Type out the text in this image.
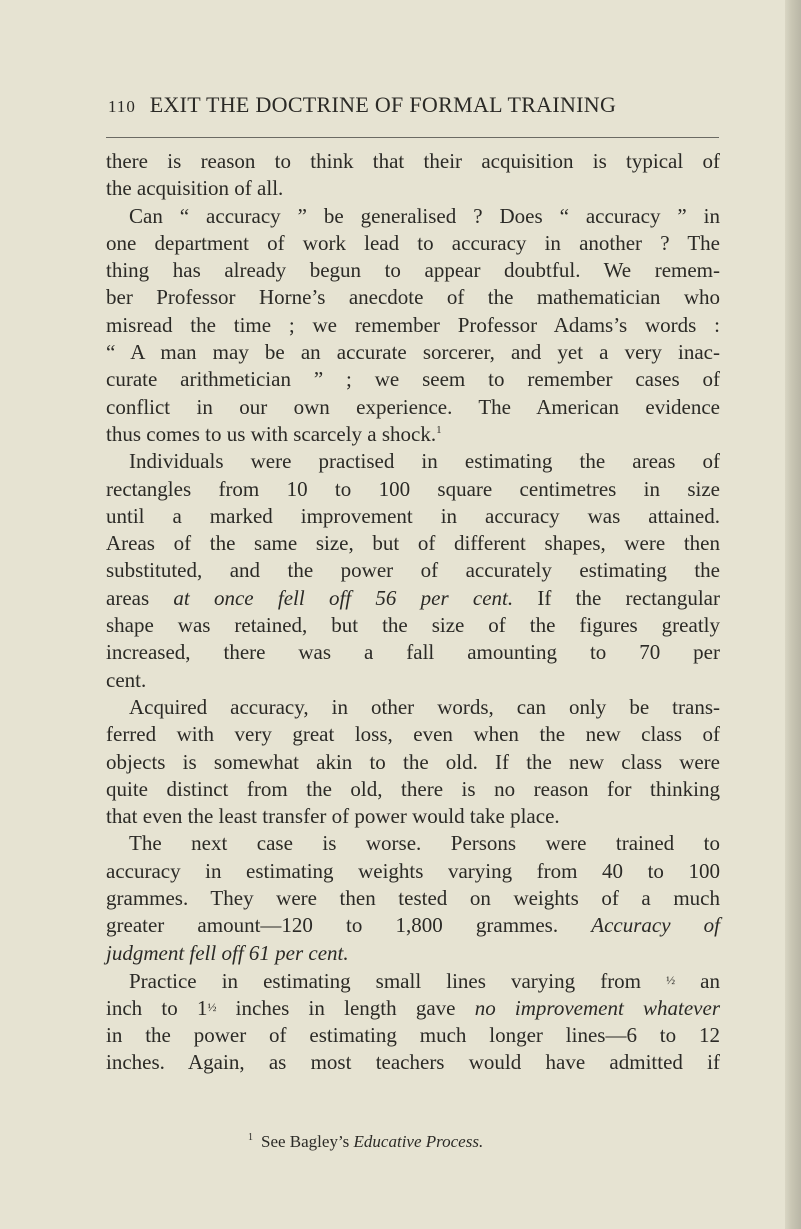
110 EXIT THE DOCTRINE OF FORMAL TRAINING
there is reason to think that their acquisition is typical of
the acquisition of all.
Can “ accuracy ” be generalised ? Does “ accuracy ” in
one department of work lead to accuracy in another ? The
thing has already begun to appear doubtful. We remem-
ber Professor Horne’s anecdote of the mathematician who
misread the time ; we remember Professor Adams’s words :
“ A man may be an accurate sorcerer, and yet a very inac-
curate arithmetician ” ; we seem to remember cases of
conflict in our own experience. The American evidence
thus comes to us with scarcely a shock.$^1$
Individuals were practised in estimating the areas of
rectangles from 10 to 100 square centimetres in size
until a marked improvement in accuracy was attained.
Areas of the same size, but of different shapes, were then
substituted, and the power of accurately estimating the
areas at once fell off 56 per cent. If the rectangular
shape was retained, but the size of the figures greatly
increased, there was a fall amounting to 70 per
cent.
Acquired accuracy, in other words, can only be trans-
ferred with very great loss, even when the new class of
objects is somewhat akin to the old. If the new class were
quite distinct from the old, there is no reason for thinking
that even the least transfer of power would take place.
The next case is worse. Persons were trained to
accuracy in estimating weights varying from 40 to 100
grammes. They were then tested on weights of a much
greater amount—120 to 1,800 grammes. Accuracy of
judgment fell off 61 per cent.
Practice in estimating small lines varying from ½ an
inch to 1½ inches in length gave no improvement whatever
in the power of estimating much longer lines—6 to 12
inches. Again, as most teachers would have admitted if
$^1$ See Bagley’s Educative Process.
